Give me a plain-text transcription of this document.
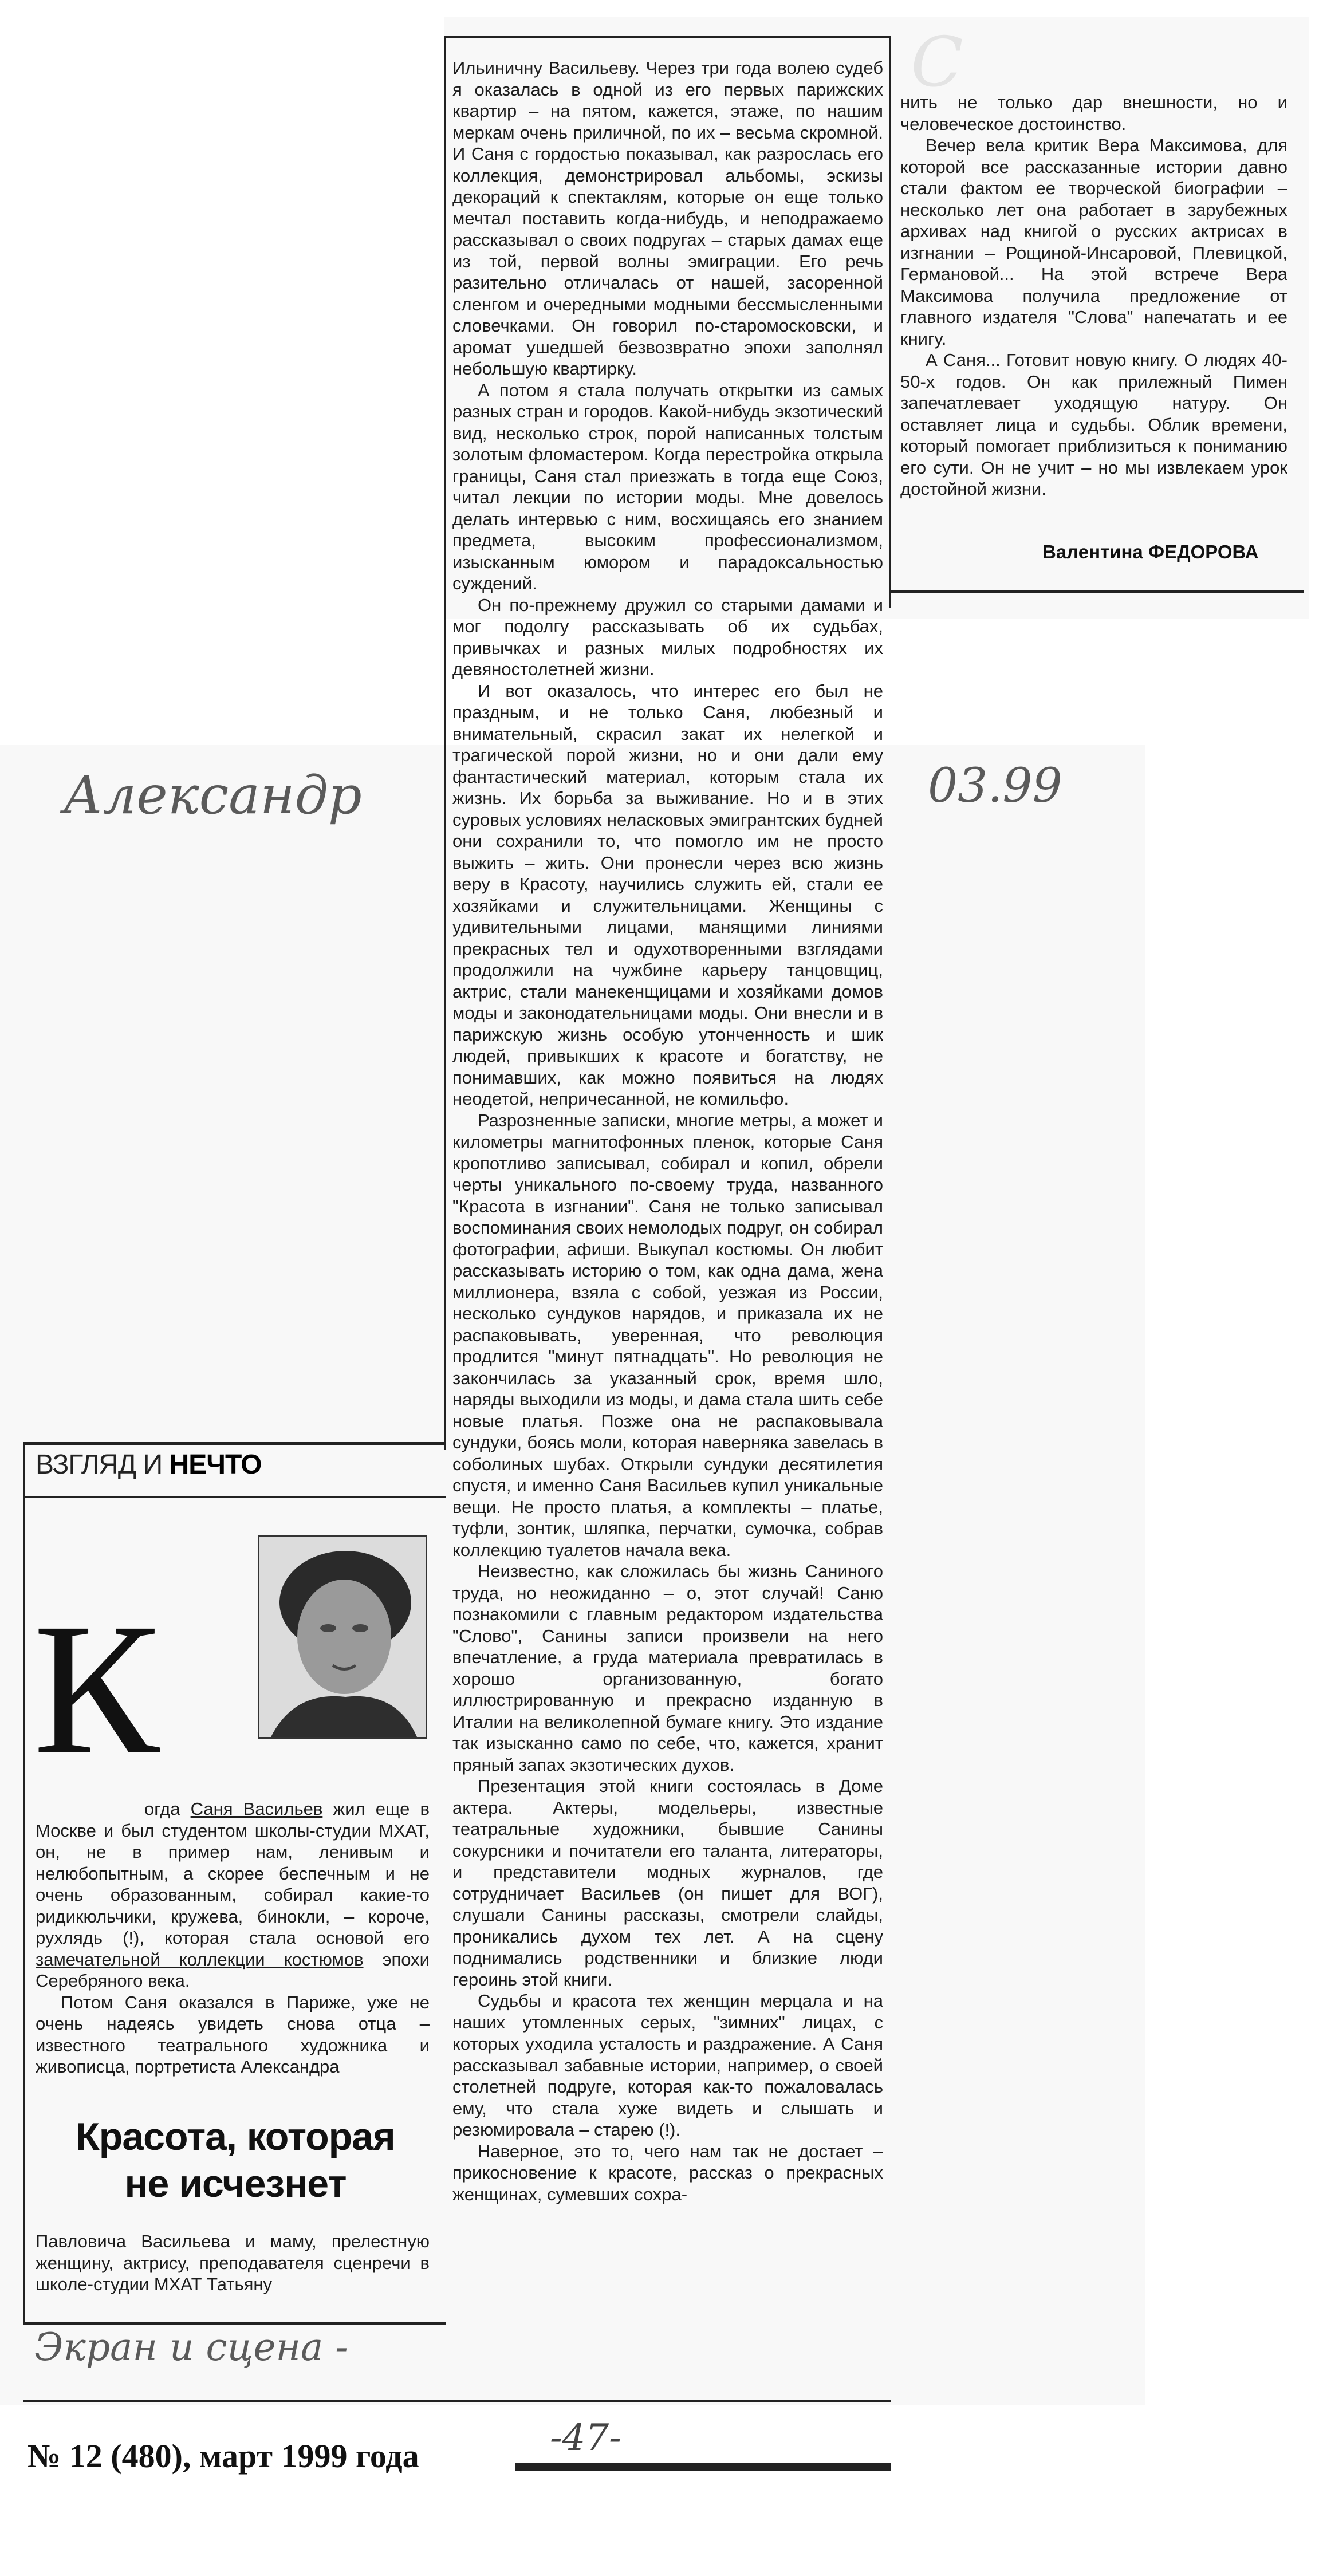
C

Ильиничну Васильеву. Через три года волею судеб я оказалась в одной из его первых парижских квартир – на пятом, кажется, этаже, по нашим меркам очень приличной, по их – весьма скромной. И Саня с гордостью показывал, как разрослась его коллекция, демонстрировал альбомы, эскизы декораций к спектаклям, которые он еще только мечтал поставить когда-нибудь, и неподражаемо рассказывал о своих подругах – старых дамах еще из той, первой волны эмиграции. Его речь разительно отличалась от нашей, засоренной сленгом и очередными модными бессмысленными словечками. Он говорил по-старомосковски, и аромат ушедшей безвозвратно эпохи заполнял небольшую квартирку.

А потом я стала получать открытки из самых разных стран и городов. Какой-нибудь экзотический вид, несколько строк, порой написанных толстым золотым фломастером. Когда перестройка открыла границы, Саня стал приезжать в тогда еще Союз, читал лекции по истории моды. Мне довелось делать интервью с ним, восхищаясь его знанием предмета, высоким профессионализмом, изысканным юмором и парадоксальностью суждений.

Он по-прежнему дружил со старыми дамами и мог подолгу рассказывать об их судьбах, привычках и разных милых подробностях их девяностолетней жизни.

И вот оказалось, что интерес его был не праздным, и не только Саня, любезный и внимательный, скрасил закат их нелегкой и трагической порой жизни, но и они дали ему фантастический материал, которым стала их жизнь. Их борьба за выживание. Но и в этих суровых условиях неласковых эмигрантских будней они сохранили то, что помогло им не просто выжить – жить. Они пронесли через всю жизнь веру в Красоту, научились служить ей, стали ее хозяйками и служительницами. Женщины с удивительными лицами, манящими линиями прекрасных тел и одухотворенными взглядами продолжили на чужбине карьеру танцовщиц, актрис, стали манекенщицами и хозяйками домов моды и законодательницами моды. Они внесли и в парижскую жизнь особую утонченность и шик людей, привыкших к красоте и богатству, не понимавших, как можно появиться на людях неодетой, непричесанной, не комильфо.

Разрозненные записки, многие метры, а может и километры магнитофонных пленок, которые Саня кропотливо записывал, собирал и копил, обрели черты уникального по-своему труда, названного "Красота в изгнании". Саня не только записывал воспоминания своих немолодых подруг, он собирал фотографии, афиши. Выкупал костюмы. Он любит рассказывать историю о том, как одна дама, жена миллионера, взяла с собой, уезжая из России, несколько сундуков нарядов, и приказала их не распаковывать, уверенная, что революция продлится "минут пятнадцать". Но революция не закончилась за указанный срок, время шло, наряды выходили из моды, и дама стала шить себе новые платья. Позже она не распаковывала сундуки, боясь моли, которая наверняка завелась в соболиных шубах. Открыли сундуки десятилетия спустя, и именно Саня Васильев купил уникальные вещи. Не просто платья, а комплекты – платье, туфли, зонтик, шляпка, перчатки, сумочка, собрав коллекцию туалетов начала века.

Неизвестно, как сложилась бы жизнь Саниного труда, но неожиданно – о, этот случай! Саню познакомили с главным редактором издательства "Слово", Санины записи произвели на него впечатление, а груда материала превратилась в хорошо организованную, богато иллюстрированную и прекрасно изданную в Италии на великолепной бумаге книгу. Это издание так изысканно само по себе, что, кажется, хранит пряный запах экзотических духов.

Презентация этой книги состоялась в Доме актера. Актеры, модельеры, известные театральные художники, бывшие Санины сокурсники и почитатели его таланта, литераторы, и представители модных журналов, где сотрудничает Васильев (он пишет для ВОГ), слушали Санины рассказы, смотрели слайды, проникались духом тех лет. А на сцену поднимались родственники и близкие люди героинь этой книги.

Судьбы и красота тех женщин мерцала и на наших утомленных серых, "зимних" лицах, с которых уходила усталость и раздражение. А Саня рассказывал забавные истории, например, о своей столетней подруге, которая как-то пожаловалась ему, что стала хуже видеть и слышать и резюмировала – старею (!).

Наверное, это то, чего нам так не достает – прикосновение к красоте, рассказ о прекрасных женщинах, сумевших сохра-

нить не только дар внешности, но и человеческое достоинство.

Вечер вела критик Вера Максимова, для которой все рассказанные истории давно стали фактом ее творческой биографии – несколько лет она работает в зарубежных архивах над книгой о русских актрисах в изгнании – Рощиной-Инсаровой, Плевицкой, Гермaновой... На этой встрече Вера Максимова получила предложение от главного издателя "Слова" напечатать и ее книгу.

А Саня... Готовит новую книгу. О людях 40-50-х годов. Он как прилежный Пимен запечатлевает уходящую натуру. Он оставляет лица и судьбы. Облик времени, который помогает приблизиться к пониманию его сути. Он не учит – но мы извлекаем урок достойной жизни.

Валентина ФЕДОРОВА
Александр	03.99
ВЗГЛЯД И НЕЧТО
К

огда Саня Васильев жил еще в Москве и был студентом школы-студии МХАТ, он, не в пример нам, ленивым и нелюбопытным, а скорее беспечным и не очень образованным, собирал какие-то ридикюльчики, кружева, бинокли, – короче, рухлядь (!), которая стала основой его замечательной коллекции костюмов эпохи Серебряного века.

Потом Саня оказался в Париже, уже не очень надеясь увидеть снова отца – известного театрального художника и живописца, портретиста Александра

Красота, которая
не исчезнет

Павловича Васильева и маму, прелестную женщину, актрису, преподавателя сценречи в школе-студии МХАТ Татьяну

Экран и сцена -
№ 12 (480), март 1999 года	-47-
